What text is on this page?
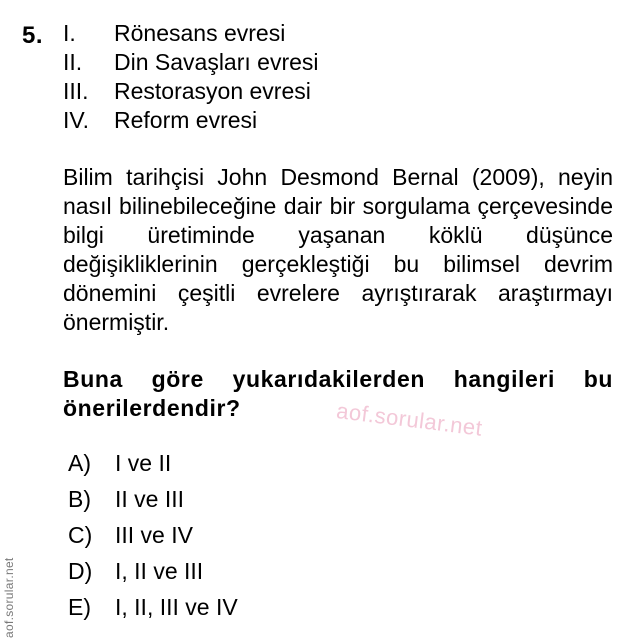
5. I. Rönesans evresi
II. Din Savaşları evresi
III. Restorasyon evresi
IV. Reform evresi

Bilim tarihçisi John Desmond Bernal (2009), neyin nasıl bilinebileceğine dair bir sorgulama çerçevesinde bilgi üretiminde yaşanan köklü düşünce değişikliklerinin gerçekleştiği bu bilimsel devrim dönemini çeşitli evrelere ayrıştırarak araştırmayı önermiştir.

Buna göre yukarıdakilerden hangileri bu önerilerdendir?	aof.sorular.net
A) I ve II
B) II ve III
C) III ve IV
D) I, II ve III
E) I, II, III ve IV
aof.sorular.net
